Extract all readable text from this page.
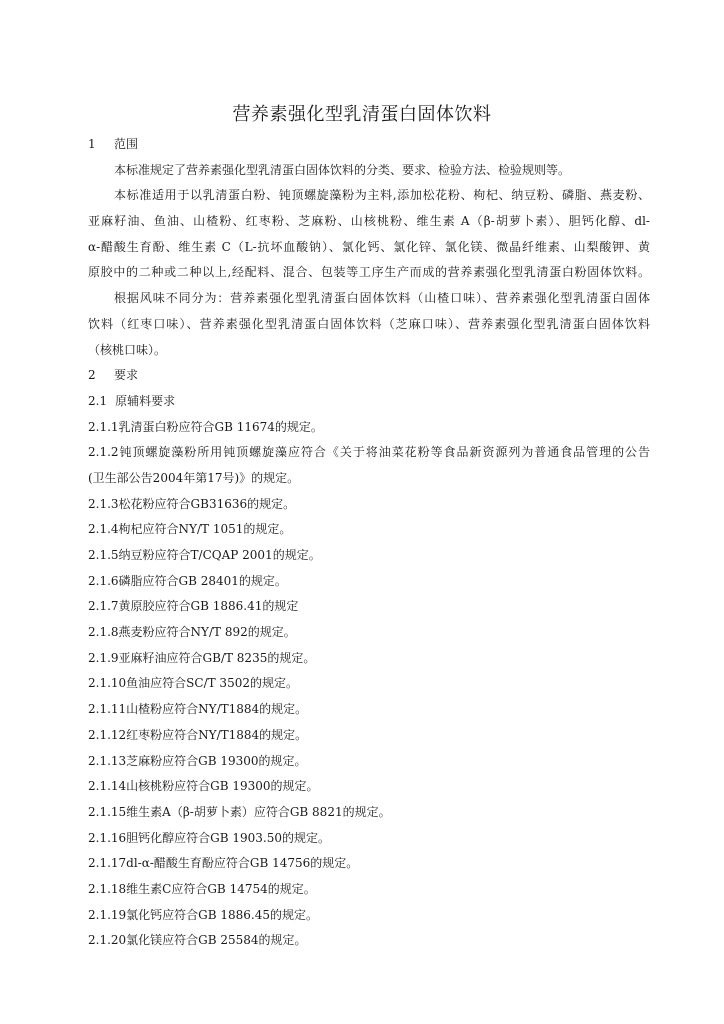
营养素强化型乳清蛋白固体饮料
1 范围
本标准规定了营养素强化型乳清蛋白固体饮料的分类、要求、检验方法、检验规则等。
本标准适用于以乳清蛋白粉、钝顶螺旋藻粉为主料,添加松花粉、枸杞、纳豆粉、磷脂、燕麦粉、
亚麻籽油、鱼油、山楂粉、红枣粉、芝麻粉、山核桃粉、维生素 A（β-胡萝卜素）、胆钙化醇、dl-
α-醋酸生育酚、维生素 C（L-抗坏血酸钠）、氯化钙、氯化锌、氯化镁、微晶纤维素、山梨酸钾、黄
原胶中的二种或二种以上,经配料、混合、包装等工序生产而成的营养素强化型乳清蛋白粉固体饮料。
根据风味不同分为：营养素强化型乳清蛋白固体饮料（山楂口味）、营养素强化型乳清蛋白固体
饮料（红枣口味）、营养素强化型乳清蛋白固体饮料（芝麻口味）、营养素强化型乳清蛋白固体饮料
（核桃口味）。
2 要求
2.1 原辅料要求
2.1.1乳清蛋白粉应符合GB 11674的规定。
2.1.2钝顶螺旋藻粉所用钝顶螺旋藻应符合《关于将油菜花粉等食品新资源列为普通食品管理的公告
(卫生部公告2004年第17号)》的规定。
2.1.3松花粉应符合GB31636的规定。
2.1.4枸杞应符合NY/T 1051的规定。
2.1.5纳豆粉应符合T/CQAP 2001的规定。
2.1.6磷脂应符合GB 28401的规定。
2.1.7黄原胶应符合GB 1886.41的规定
2.1.8燕麦粉应符合NY/T 892的规定。
2.1.9亚麻籽油应符合GB/T 8235的规定。
2.1.10鱼油应符合SC/T 3502的规定。
2.1.11山楂粉应符合NY/T1884的规定。
2.1.12红枣粉应符合NY/T1884的规定。
2.1.13芝麻粉应符合GB 19300的规定。
2.1.14山核桃粉应符合GB 19300的规定。
2.1.15维生素A（β-胡萝卜素）应符合GB 8821的规定。
2.1.16胆钙化醇应符合GB 1903.50的规定。
2.1.17dl-α-醋酸生育酚应符合GB 14756的规定。
2.1.18维生素C应符合GB 14754的规定。
2.1.19氯化钙应符合GB 1886.45的规定。
2.1.20氯化镁应符合GB 25584的规定。
